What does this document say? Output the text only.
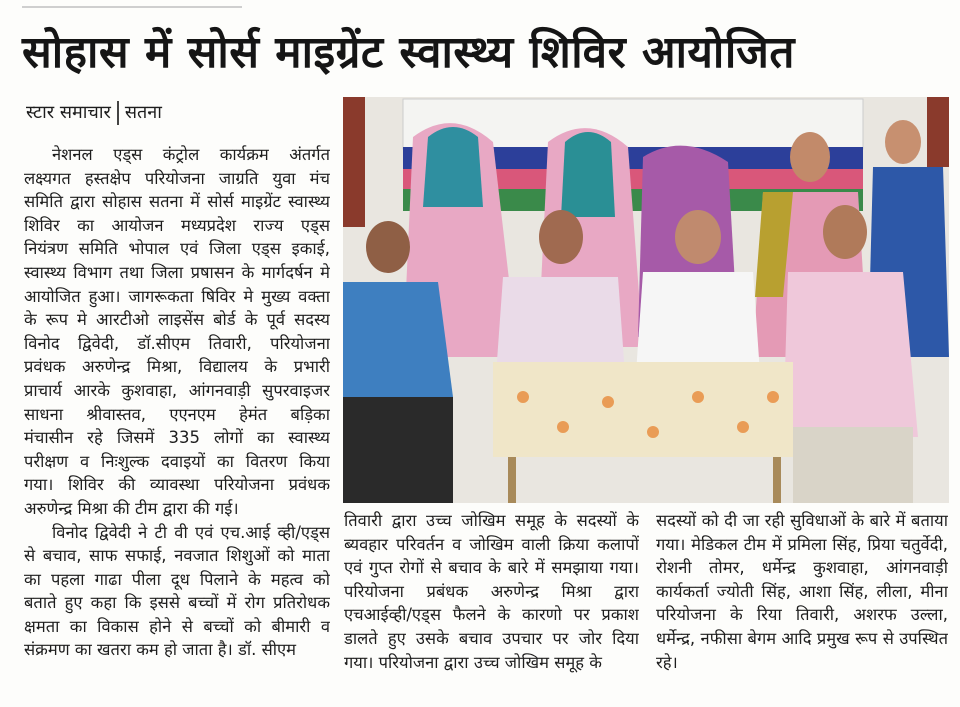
सोहास में सोर्स माइग्रेंट स्वास्थ्य शिविर आयोजित
स्टार समाचार सतना
नेशनल एड्स कंट्रोल कार्यक्रम अंतर्गत
लक्ष्यगत हस्तक्षेप परियोजना जाग्रति युवा मंच
समिति द्वारा सोहास सतना में सोर्स माइग्रेंट स्वास्थ्य
शिविर का आयोजन मध्यप्रदेश राज्य एड्स
नियंत्रण समिति भोपाल एवं जिला एड्स इकाई,
स्वास्थ्य विभाग तथा जिला प्रषासन के मार्गदर्षन मे
आयोजित हुआ। जागरूकता षिविर मे मुख्य वक्ता
के रूप मे आरटीओ लाइसेंस बोर्ड के पूर्व सदस्य
विनोद द्विवेदी, डॉ.सीएम तिवारी, परियोजना
प्रवंधक अरुणेन्द्र मिश्रा, विद्यालय के प्रभारी
प्राचार्य आरके कुशवाहा, आंगनवाड़ी सुपरवाइजर
साधना श्रीवास्तव, एएनएम हेमंत बड़िका
मंचासीन रहे जिसमें 335 लोगों का स्वास्थ्य
परीक्षण व निःशुल्क दवाइयों का वितरण किया
गया। शिविर की व्यावस्था परियोजना प्रवंधक
अरुणेन्द्र मिश्रा की टीम द्वारा की गई।
विनोद द्विवेदी ने टी वी एवं एच.आई व्ही/एड्स
से बचाव, साफ सफाई, नवजात शिशुओं को माता
का पहला गाढा पीला दूध पिलाने के महत्व को
बताते हुए कहा कि इससे बच्चों में रोग प्रतिरोधक
क्षमता का विकास होने से बच्चों को बीमारी व
संक्रमण का खतरा कम हो जाता है। डॉ. सीएम
तिवारी द्वारा उच्च जोखिम समूह के सदस्यों के
ब्यवहार परिवर्तन व जोखिम वाली क्रिया कलापों
एवं गुप्त रोगों से बचाव के बारे में समझाया गया।
परियोजना प्रबंधक अरुणेन्द्र मिश्रा द्वारा
एचआईव्ही/एड्स फैलने के कारणो पर प्रकाश
डालते हुए उसके बचाव उपचार पर जोर दिया
गया। परियोजना द्वारा उच्च जोखिम समूह के
सदस्यों को दी जा रही सुविधाओं के बारे में बताया
गया। मेडिकल टीम में प्रमिला सिंह, प्रिया चतुर्वेदी,
रोशनी तोमर, धर्मेन्द्र कुशवाहा, आंगनवाड़ी
कार्यकर्ता ज्योती सिंह, आशा सिंह, लीला, मीना
परियोजना के रिया तिवारी, अशरफ उल्ला,
धर्मेन्द्र, नफीसा बेगम आदि प्रमुख रूप से उपस्थित
रहे।
